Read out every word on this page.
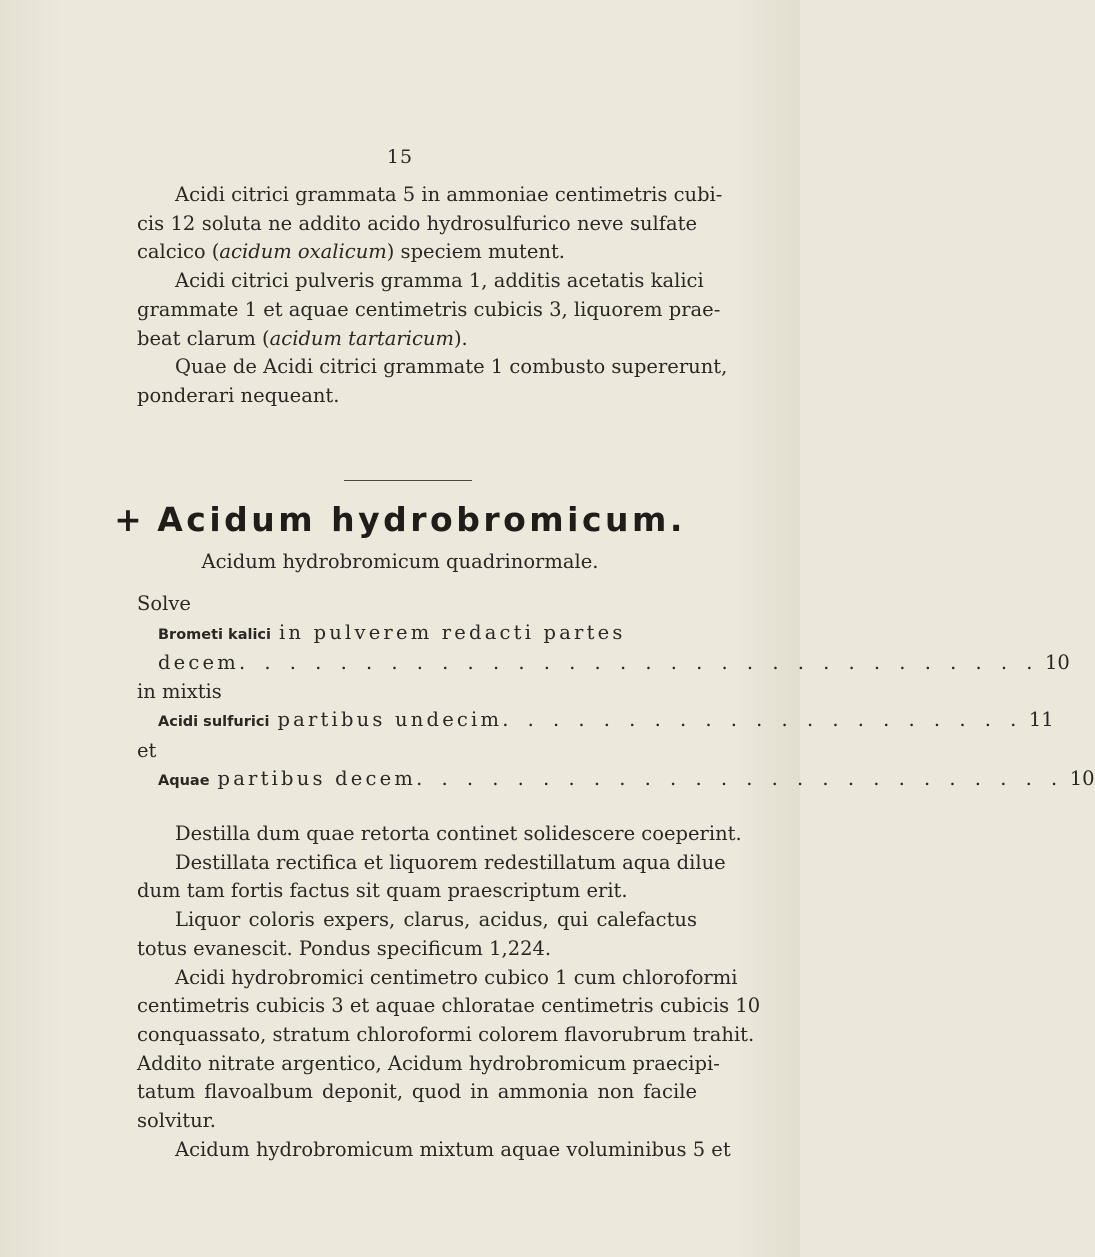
15
Acidi citrici grammata 5 in ammoniae centimetris cubi-
cis 12 soluta ne addito acido hydrosulfurico neve sulfate
calcico (acidum oxalicum) speciem mutent.
Acidi citrici pulveris gramma 1, additis acetatis kalici
grammate 1 et aquae centimetris cubicis 3, liquorem prae-
beat clarum (acidum tartaricum).
Quae de Acidi citrici grammate 1 combusto supererunt,
ponderari nequeant.
+ Acidum hydrobromicum.
Acidum hydrobromicum quadrinormale.
Solve
Brometi kalici in pulverem redacti partes
decem . . . . . . . . . . . . . . . . . . . . . . . . . . . . . . . . 10
in mixtis
Acidi sulfurici partibus undecim . . . . . . . . . . . . . . . . . . . . . 11
et
Aquae partibus decem . . . . . . . . . . . . . . . . . . . . . . . . . . 10
Destilla dum quae retorta continet solidescere coeperint.
Destillata rectifica et liquorem redestillatum aqua dilue
dum tam fortis factus sit quam praescriptum erit.
Liquor coloris expers, clarus, acidus, qui calefactus
totus evanescit. Pondus specificum 1,224.
Acidi hydrobromici centimetro cubico 1 cum chloroformi
centimetris cubicis 3 et aquae chloratae centimetris cubicis 10
conquassato, stratum chloroformi colorem flavorubrum trahit.
Addito nitrate argentico, Acidum hydrobromicum praecipi-
tatum flavoalbum deponit, quod in ammonia non facile
solvitur.
Acidum hydrobromicum mixtum aquae voluminibus 5 et
